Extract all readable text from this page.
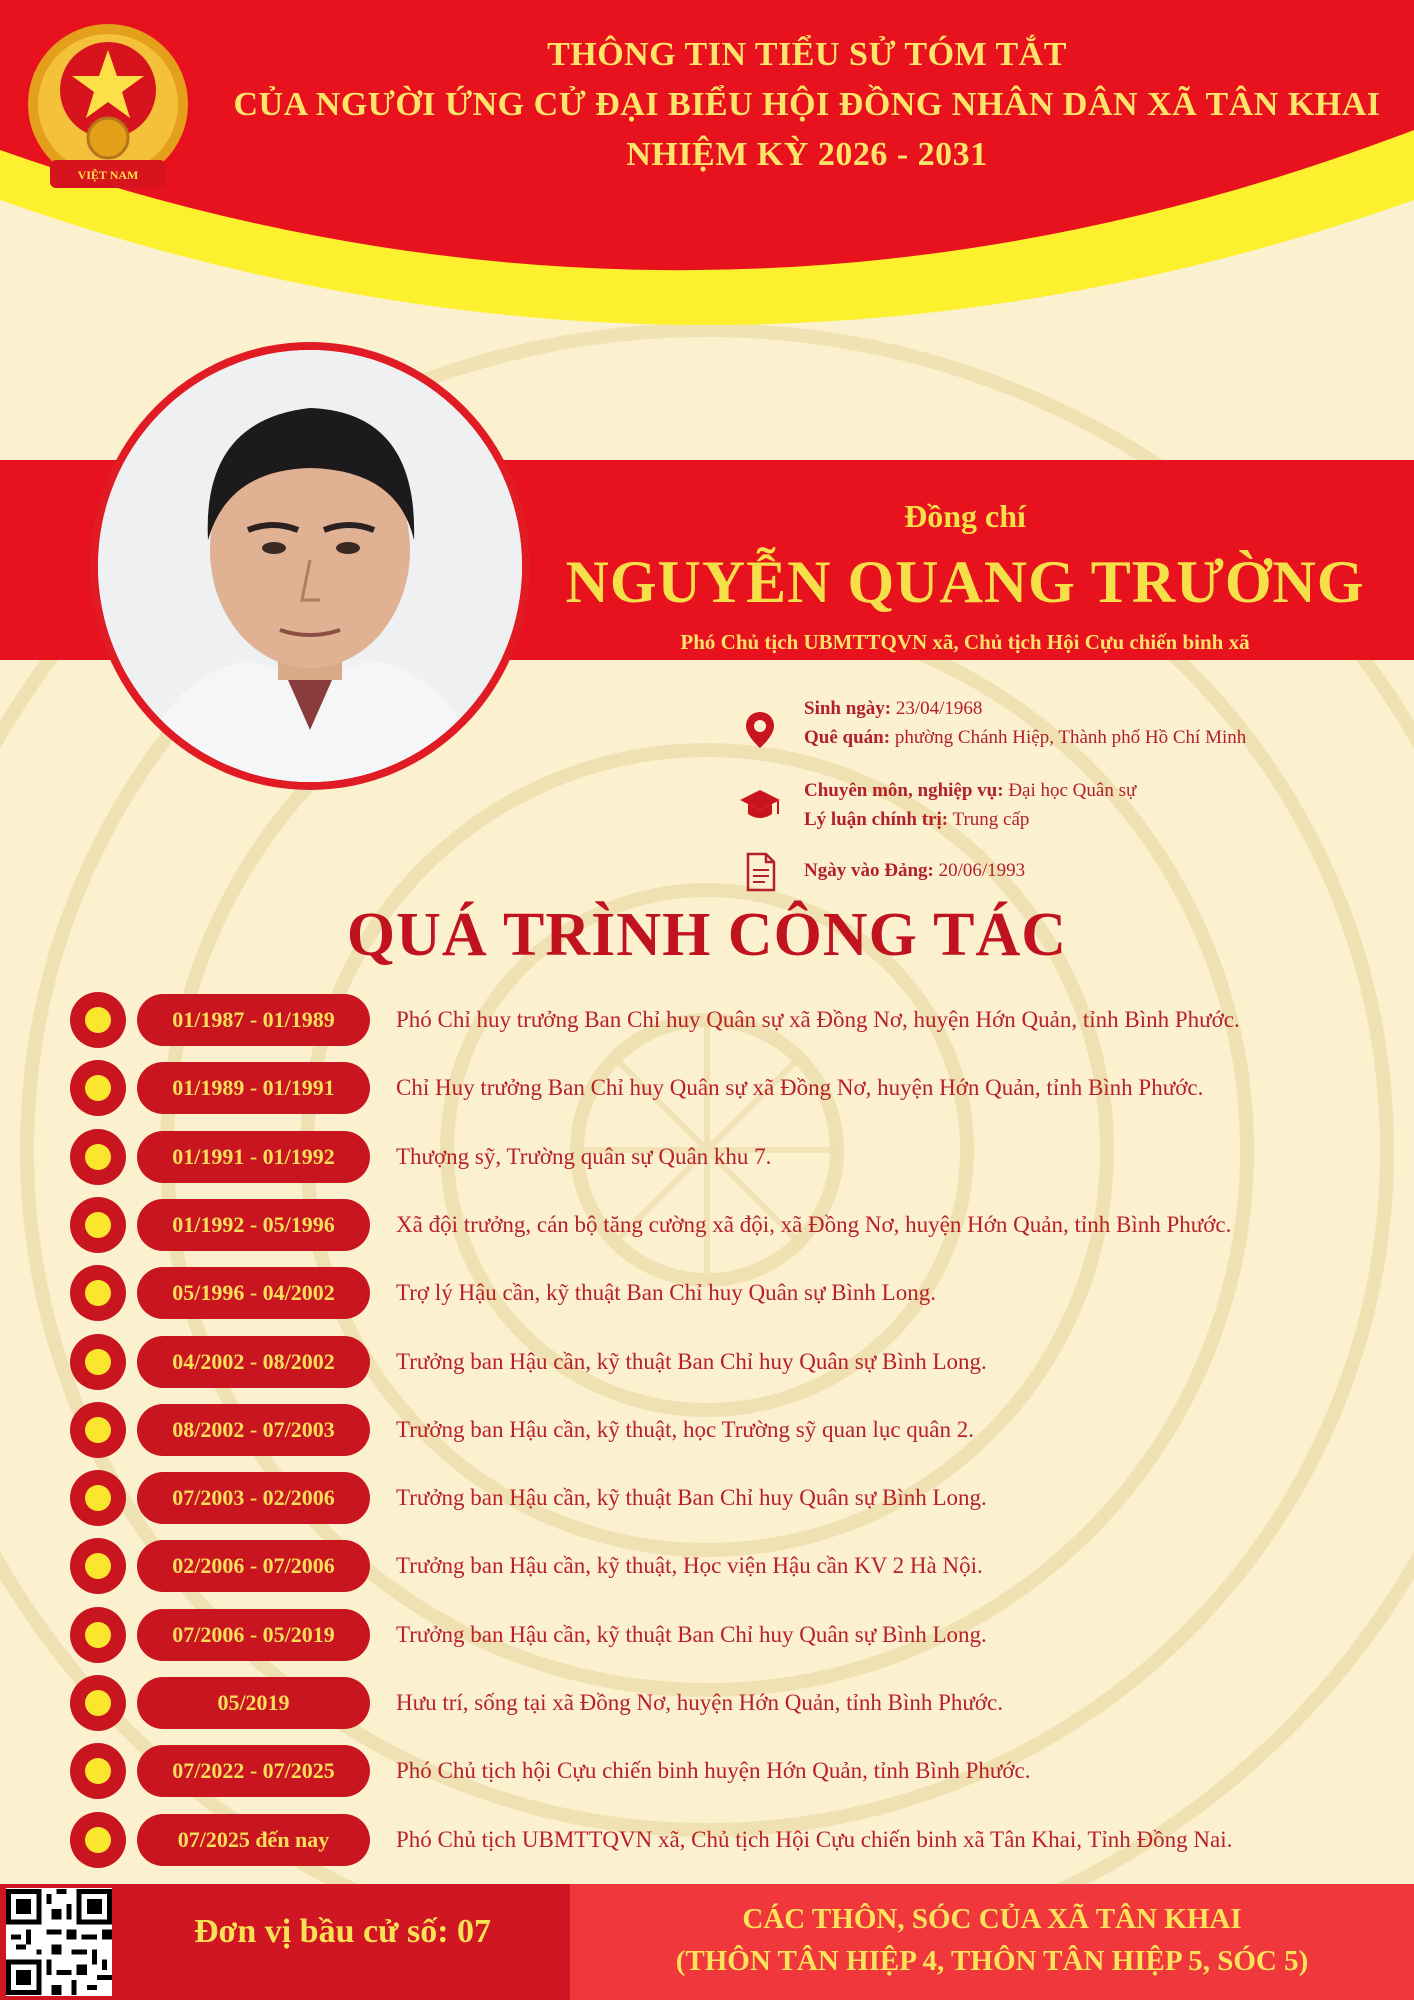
VIỆT NAM
THÔNG TIN TIỂU SỬ TÓM TẮT
CỦA NGƯỜI ỨNG CỬ ĐẠI BIỂU HỘI ĐỒNG NHÂN DÂN XÃ TÂN KHAI
NHIỆM KỲ 2026 - 2031
Đồng chí
NGUYỄN QUANG TRƯỜNG
Phó Chủ tịch UBMTTQVN xã, Chủ tịch Hội Cựu chiến binh xã
Sinh ngày: 23/04/1968
Quê quán: phường Chánh Hiệp, Thành phố Hồ Chí Minh
Chuyên môn, nghiệp vụ: Đại học Quân sự
Lý luận chính trị: Trung cấp
Ngày vào Đảng: 20/06/1993
QUÁ TRÌNH CÔNG TÁC
01/1987 - 01/1989	Phó Chỉ huy trưởng Ban Chỉ huy Quân sự xã Đồng Nơ, huyện Hớn Quản, tỉnh Bình Phước.
01/1989 - 01/1991	Chỉ Huy trưởng Ban Chỉ huy Quân sự xã Đồng Nơ, huyện Hớn Quản, tỉnh Bình Phước.
01/1991 - 01/1992	Thượng sỹ, Trường quân sự Quân khu 7.
01/1992 - 05/1996	Xã đội trưởng, cán bộ tăng cường xã đội, xã Đồng Nơ, huyện Hớn Quản, tỉnh Bình Phước.
05/1996 - 04/2002	Trợ lý Hậu cần, kỹ thuật Ban Chỉ huy Quân sự Bình Long.
04/2002 - 08/2002	Trưởng ban Hậu cần, kỹ thuật Ban Chỉ huy Quân sự Bình Long.
08/2002 - 07/2003	Trưởng ban Hậu cần, kỹ thuật, học Trường sỹ quan lục quân 2.
07/2003 - 02/2006	Trưởng ban Hậu cần, kỹ thuật Ban Chỉ huy Quân sự Bình Long.
02/2006 - 07/2006	Trưởng ban Hậu cần, kỹ thuật, Học viện Hậu cần KV 2 Hà Nội.
07/2006 - 05/2019	Trưởng ban Hậu cần, kỹ thuật Ban Chỉ huy Quân sự Bình Long.
05/2019	Hưu trí, sống tại xã Đồng Nơ, huyện Hớn Quản, tỉnh Bình Phước.
07/2022 - 07/2025	Phó Chủ tịch hội Cựu chiến binh huyện Hớn Quản, tỉnh Bình Phước.
07/2025 đến nay	Phó Chủ tịch UBMTTQVN xã, Chủ tịch Hội Cựu chiến binh xã Tân Khai, Tỉnh Đồng Nai.
Đơn vị bầu cử số: 07	CÁC THÔN, SÓC CỦA XÃ TÂN KHAI
(THÔN TÂN HIỆP 4, THÔN TÂN HIỆP 5, SÓC 5)
